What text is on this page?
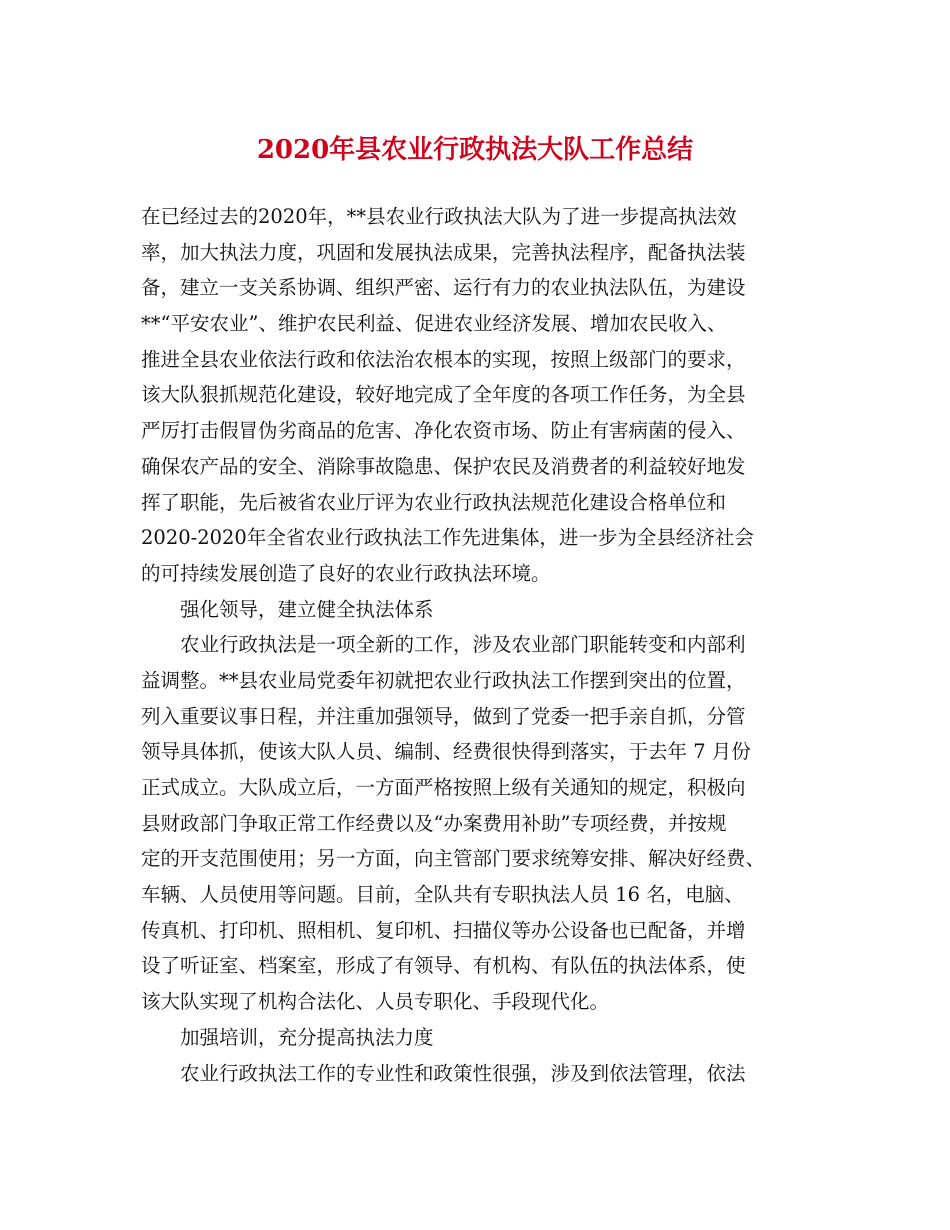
2020年县农业行政执法大队工作总结

在已经过去的2020年，**县农业行政执法大队为了进一步提高执法效

率，加大执法力度，巩固和发展执法成果，完善执法程序，配备执法装

备，建立一支关系协调、组织严密、运行有力的农业执法队伍，为建设

**“平安农业”、维护农民利益、促进农业经济发展、增加农民收入、

推进全县农业依法行政和依法治农根本的实现，按照上级部门的要求，

该大队狠抓规范化建设，较好地完成了全年度的各项工作任务，为全县

严厉打击假冒伪劣商品的危害、净化农资市场、防止有害病菌的侵入、

确保农产品的安全、消除事故隐患、保护农民及消费者的利益较好地发

挥了职能，先后被省农业厅评为农业行政执法规范化建设合格单位和

2020-2020年全省农业行政执法工作先进集体，进一步为全县经济社会

的可持续发展创造了良好的农业行政执法环境。

强化领导，建立健全执法体系

农业行政执法是一项全新的工作，涉及农业部门职能转变和内部利

益调整。**县农业局党委年初就把农业行政执法工作摆到突出的位置，

列入重要议事日程，并注重加强领导，做到了党委一把手亲自抓，分管

领导具体抓，使该大队人员、编制、经费很快得到落实，于去年 7 月份

正式成立。大队成立后，一方面严格按照上级有关通知的规定，积极向

县财政部门争取正常工作经费以及“办案费用补助”专项经费，并按规

定的开支范围使用；另一方面，向主管部门要求统筹安排、解决好经费、

车辆、人员使用等问题。目前，全队共有专职执法人员 16 名，电脑、

传真机、打印机、照相机、复印机、扫描仪等办公设备也已配备，并增

设了听证室、档案室，形成了有领导、有机构、有队伍的执法体系，使

该大队实现了机构合法化、人员专职化、手段现代化。

加强培训，充分提高执法力度

农业行政执法工作的专业性和政策性很强，涉及到依法管理，依法
